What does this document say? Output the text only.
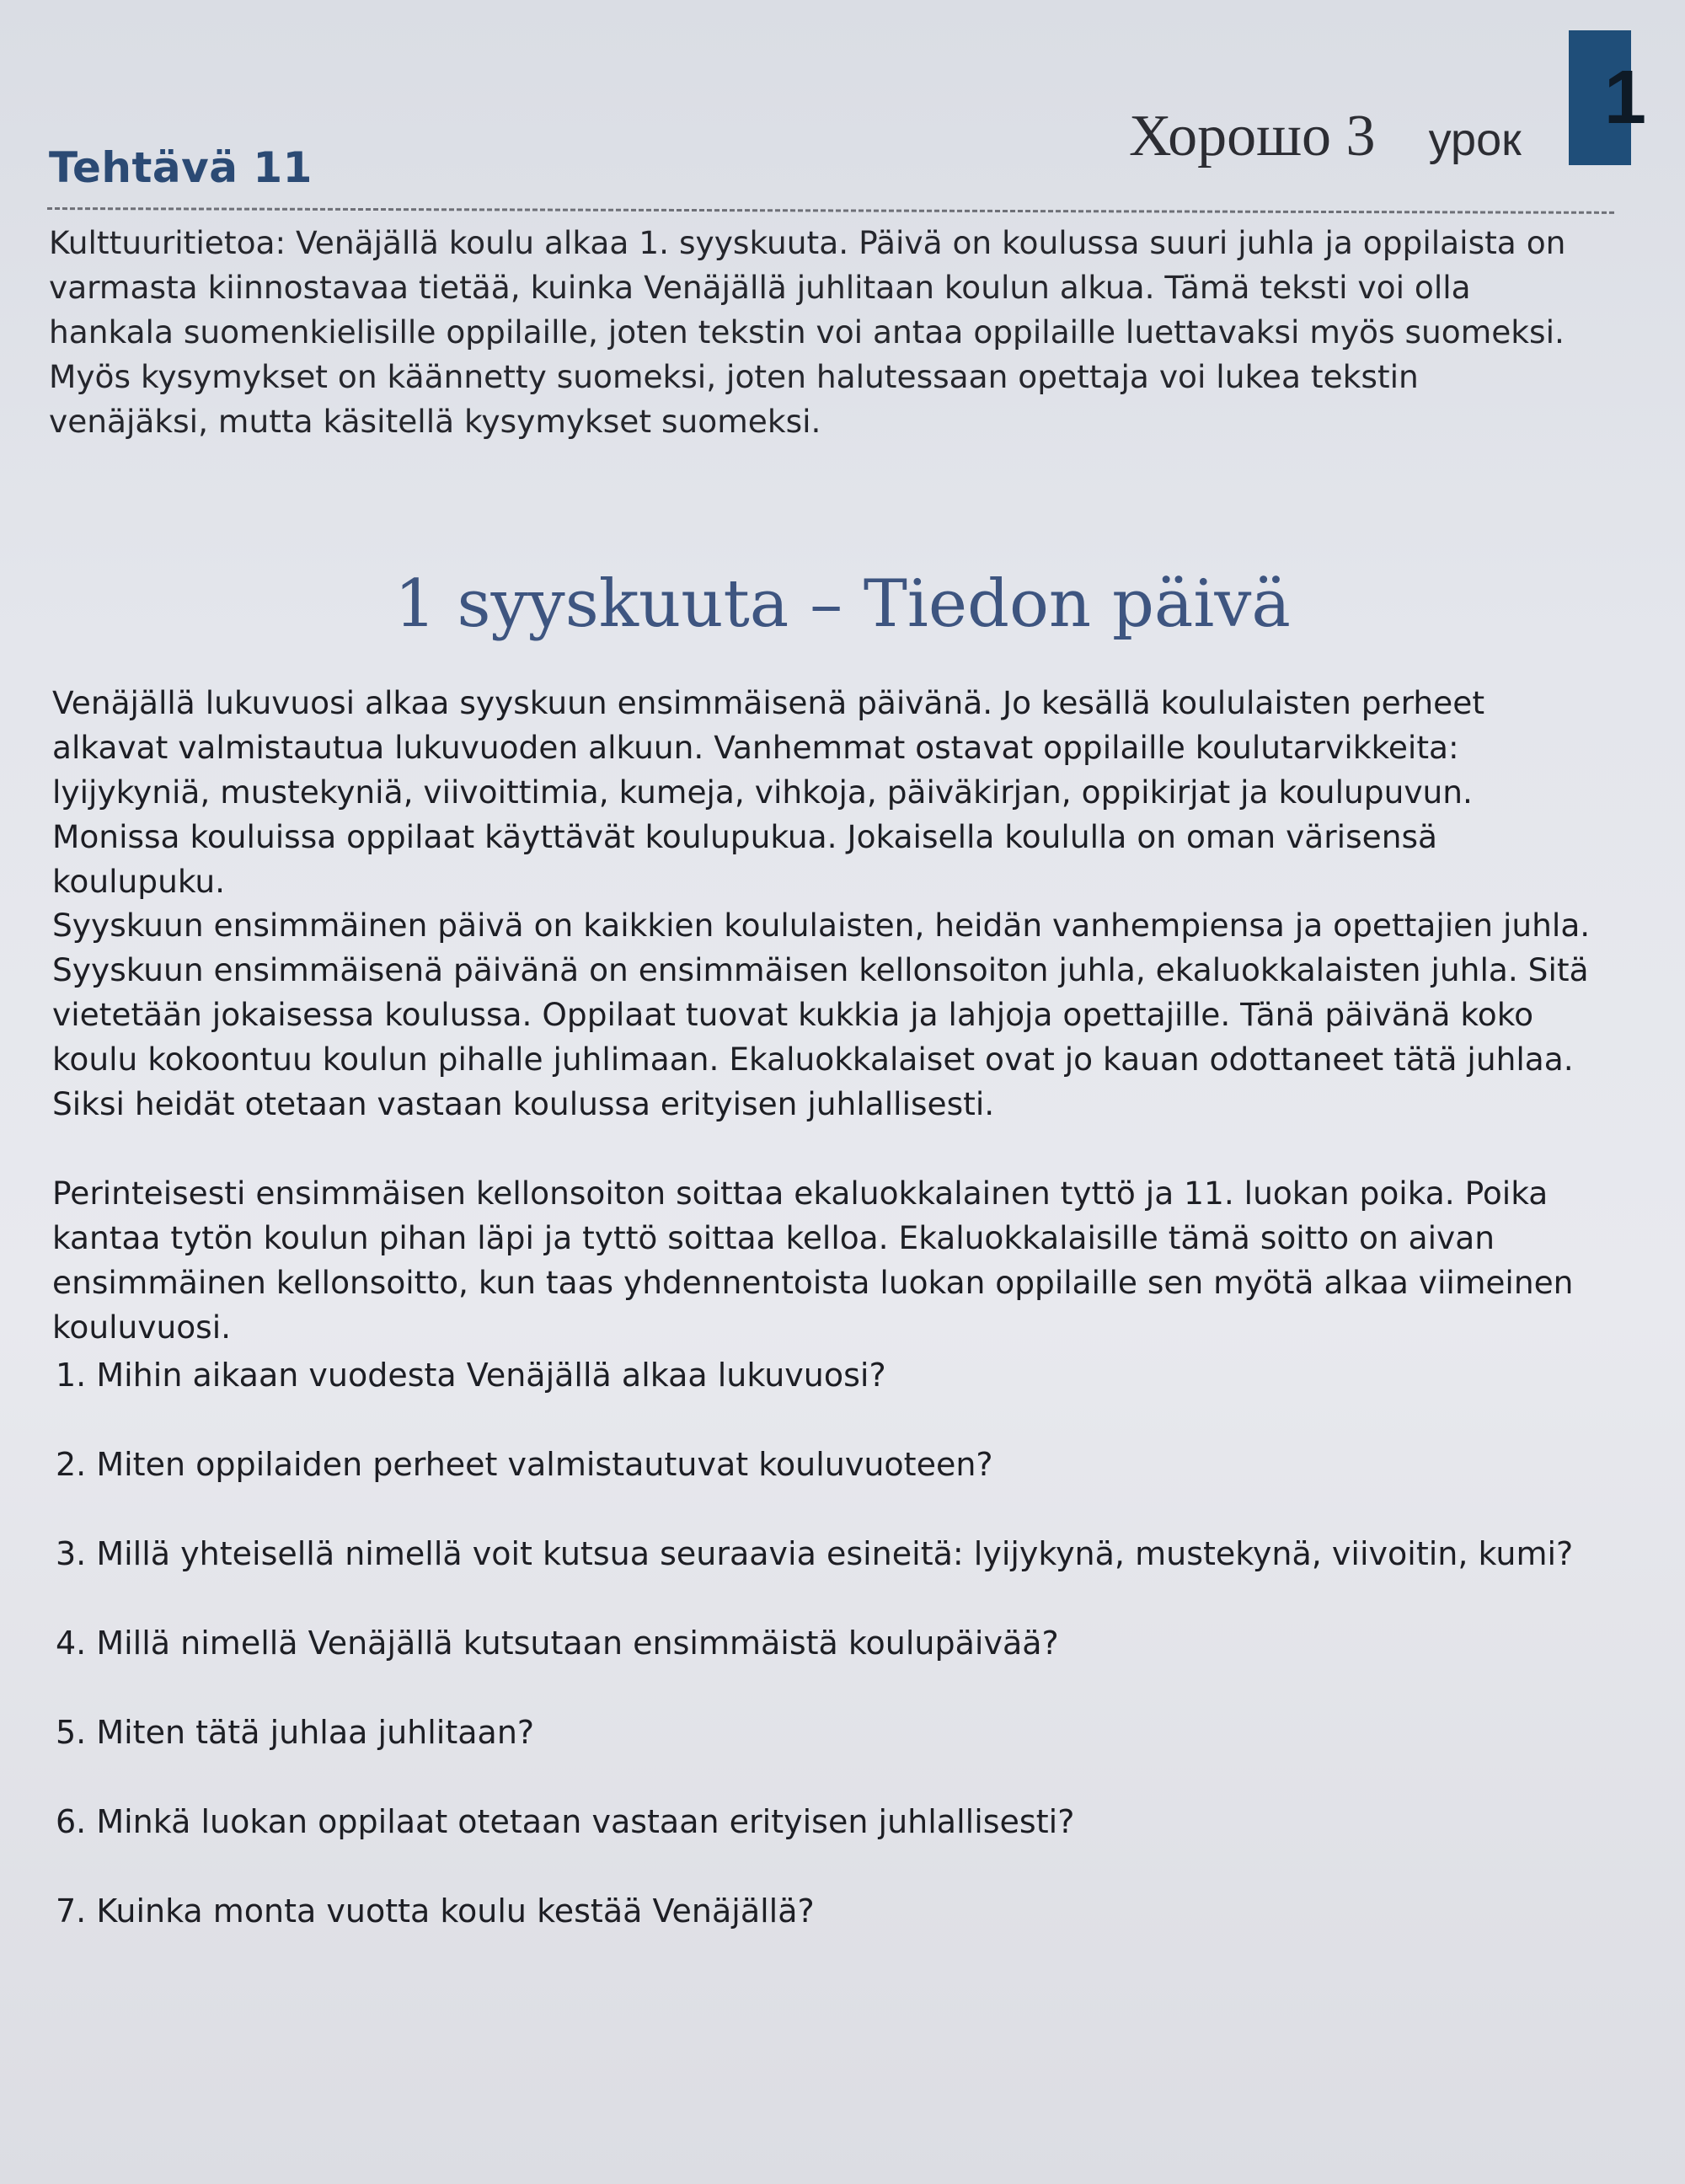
1
Хорошо 3 урок
Tehtävä 11
Kulttuuritietoa: Venäjällä koulu alkaa 1. syyskuuta. Päivä on koulussa suuri juhla ja oppilaista on varmasta kiinnostavaa tietää, kuinka Venäjällä juhlitaan koulun alkua. Tämä teksti voi olla hankala suomenkielisille oppilaille, joten tekstin voi antaa oppilaille luettavaksi myös suomeksi. Myös kysymykset on käännetty suomeksi, joten halutessaan opettaja voi lukea tekstin venäjäksi, mutta käsitellä kysymykset suomeksi.
1 syyskuuta – Tiedon päivä
Venäjällä lukuvuosi alkaa syyskuun ensimmäisenä päivänä. Jo kesällä koululaisten perheet alkavat valmistautua lukuvuoden alkuun. Vanhemmat ostavat oppilaille koulutarvikkeita: lyijykyniä, mustekyniä, viivoittimia, kumeja, vihkoja, päiväkirjan, oppikirjat ja koulupuvun. Monissa kouluissa oppilaat käyttävät koulupukua. Jokaisella koululla on oman värisensä koulupuku.
Syyskuun ensimmäinen päivä on kaikkien koululaisten, heidän vanhempiensa ja opettajien juhla. Syyskuun ensimmäisenä päivänä on ensimmäisen kellonsoiton juhla, ekaluokkalaisten juhla. Sitä vietetään jokaisessa koulussa. Oppilaat tuovat kukkia ja lahjoja opettajille. Tänä päivänä koko koulu kokoontuu koulun pihalle juhlimaan. Ekaluokkalaiset ovat jo kauan odottaneet tätä juhlaa. Siksi heidät otetaan vastaan koulussa erityisen juhlallisesti.
Perinteisesti ensimmäisen kellonsoiton soittaa ekaluokkalainen tyttö ja 11. luokan poika. Poika kantaa tytön koulun pihan läpi ja tyttö soittaa kelloa. Ekaluokkalaisille tämä soitto on aivan ensimmäinen kellonsoitto, kun taas yhdennentoista luokan oppilaille sen myötä alkaa viimeinen kouluvuosi.
1. Mihin aikaan vuodesta Venäjällä alkaa lukuvuosi?
2. Miten oppilaiden perheet valmistautuvat kouluvuoteen?
3. Millä yhteisellä nimellä voit kutsua seuraavia esineitä: lyijykynä, mustekynä, viivoitin, kumi?
4. Millä nimellä Venäjällä kutsutaan ensimmäistä koulupäivää?
5. Miten tätä juhlaa juhlitaan?
6. Minkä luokan oppilaat otetaan vastaan erityisen juhlallisesti?
7. Kuinka monta vuotta koulu kestää Venäjällä?
